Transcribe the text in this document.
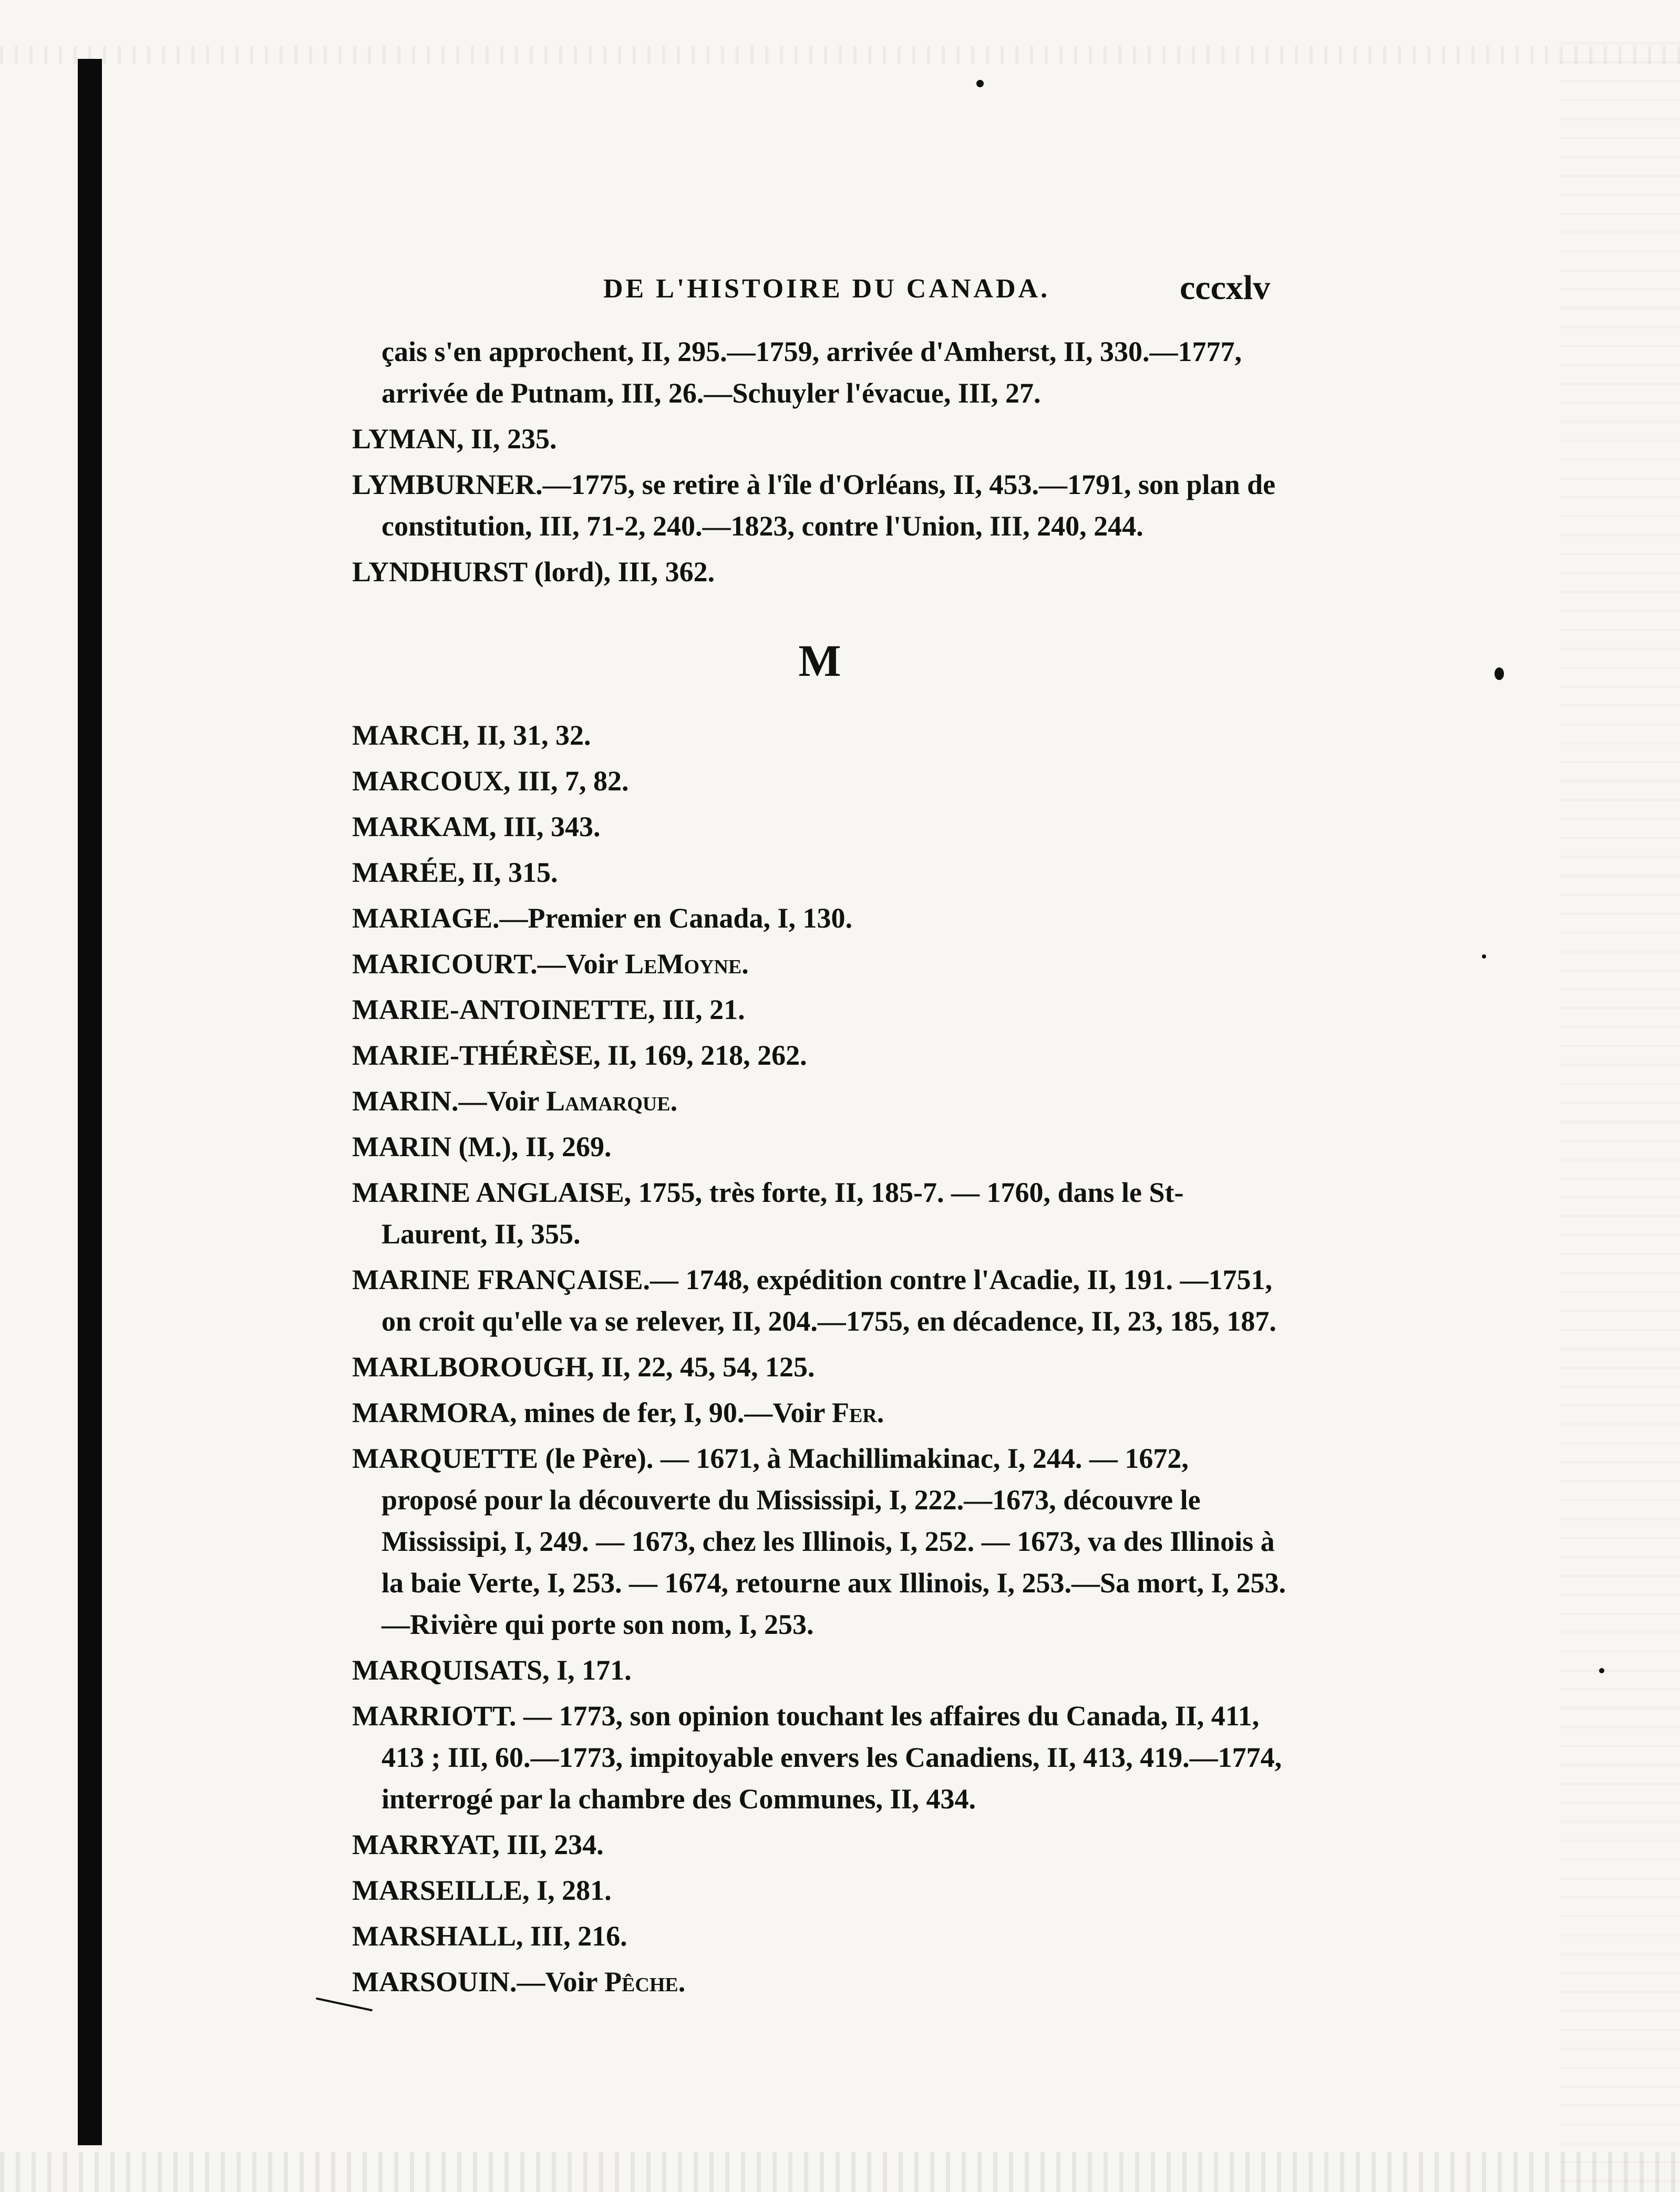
DE L'HISTOIRE DU CANADA.	cccxlv

çais s'en approchent, II, 295.—1759, arrivée d'Amherst, II, 330.—1777, arrivée de Putnam, III, 26.—Schuyler l'évacue, III, 27.

LYMAN, II, 235.

LYMBURNER.—1775, se retire à l'île d'Orléans, II, 453.—1791, son plan de constitution, III, 71-2, 240.—1823, contre l'Union, III, 240, 244.

LYNDHURST (lord), III, 362.

M

MARCH, II, 31, 32.

MARCOUX, III, 7, 82.

MARKAM, III, 343.

MARÉE, II, 315.

MARIAGE.—Premier en Canada, I, 130.

MARICOURT.—Voir LeMoyne.

MARIE-ANTOINETTE, III, 21.

MARIE-THÉRÈSE, II, 169, 218, 262.

MARIN.—Voir Lamarque.

MARIN (M.), II, 269.

MARINE ANGLAISE, 1755, très forte, II, 185-7. — 1760, dans le St-Laurent, II, 355.

MARINE FRANÇAISE.— 1748, expédition contre l'Acadie, II, 191. —1751, on croit qu'elle va se relever, II, 204.—1755, en décadence, II, 23, 185, 187.

MARLBOROUGH, II, 22, 45, 54, 125.

MARMORA, mines de fer, I, 90.—Voir Fer.

MARQUETTE (le Père). — 1671, à Machillimakinac, I, 244. — 1672, proposé pour la découverte du Mississipi, I, 222.—1673, découvre le Mississipi, I, 249. — 1673, chez les Illinois, I, 252. — 1673, va des Illinois à la baie Verte, I, 253. — 1674, retourne aux Illinois, I, 253.—Sa mort, I, 253.—Rivière qui porte son nom, I, 253.

MARQUISATS, I, 171.

MARRIOTT. — 1773, son opinion touchant les affaires du Canada, II, 411, 413 ; III, 60.—1773, impitoyable envers les Canadiens, II, 413, 419.—1774, interrogé par la chambre des Communes, II, 434.

MARRYAT, III, 234.

MARSEILLE, I, 281.

MARSHALL, III, 216.

MARSOUIN.—Voir Pêche.
